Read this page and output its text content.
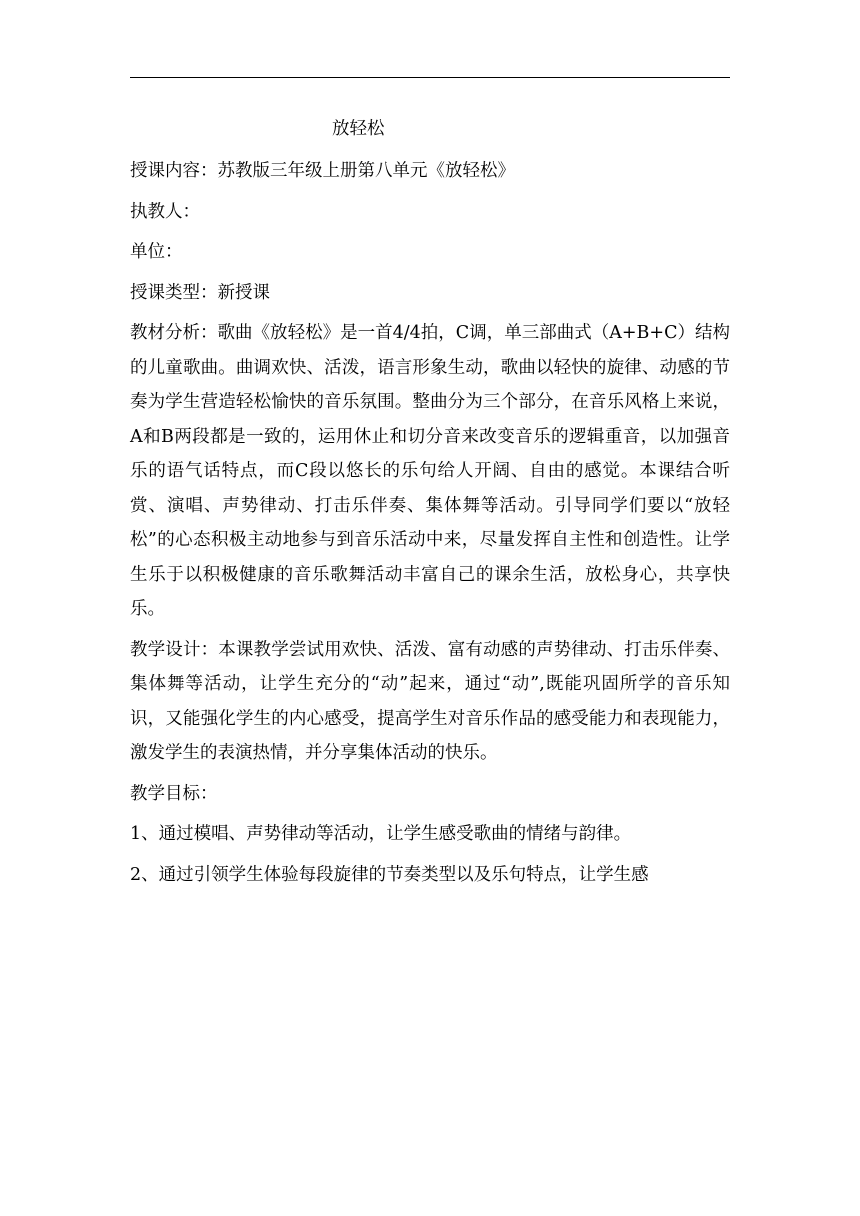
放轻松

授课内容：苏教版三年级上册第八单元《放轻松》

执教人：

单位：

授课类型：新授课

教材分析：歌曲《放轻松》是一首4/4拍，C调，单三部曲式（A+B+C）结构的儿童歌曲。曲调欢快、活泼，语言形象生动，歌曲以轻快的旋律、动感的节奏为学生营造轻松愉快的音乐氛围。整曲分为三个部分，在音乐风格上来说，A和B两段都是一致的，运用休止和切分音来改变音乐的逻辑重音，以加强音乐的语气话特点，而C段以悠长的乐句给人开阔、自由的感觉。本课结合听赏、演唱、声势律动、打击乐伴奏、集体舞等活动。引导同学们要以“放轻松”的心态积极主动地参与到音乐活动中来，尽量发挥自主性和创造性。让学生乐于以积极健康的音乐歌舞活动丰富自己的课余生活，放松身心，共享快乐。

教学设计：本课教学尝试用欢快、活泼、富有动感的声势律动、打击乐伴奏、集体舞等活动，让学生充分的“动”起来，通过“动”,既能巩固所学的音乐知识，又能强化学生的内心感受，提高学生对音乐作品的感受能力和表现能力，激发学生的表演热情，并分享集体活动的快乐。

教学目标：

1、通过模唱、声势律动等活动，让学生感受歌曲的情绪与韵律。

2、通过引领学生体验每段旋律的节奏类型以及乐句特点，让学生感
